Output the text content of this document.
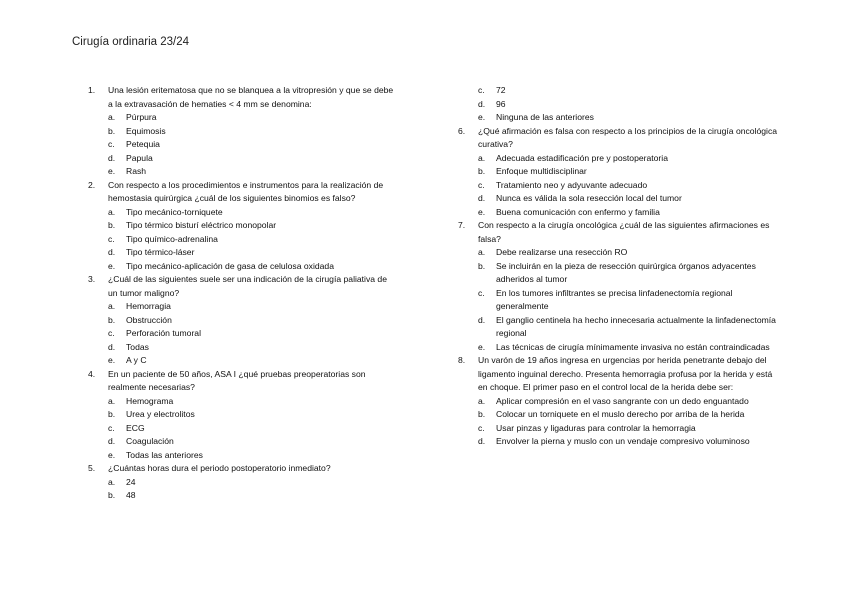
Cirugía ordinaria 23/24
1. Una lesión eritematosa que no se blanquea a la vitropresión y que se debe a la extravasación de hematies < 4 mm se denomina:
a. Púrpura
b. Equimosis
c. Petequia
d. Papula
e. Rash
2. Con respecto a los procedimientos e instrumentos para la realización de hemostasia quirúrgica ¿cuál de los siguientes binomios es falso?
a. Tipo mecánico-torniquete
b. Tipo térmico bisturí eléctrico monopolar
c. Tipo químico-adrenalina
d. Tipo térmico-láser
e. Tipo mecánico-aplicación de gasa de celulosa oxidada
3. ¿Cuál de las siguientes suele ser una indicación de la cirugía paliativa de un tumor maligno?
a. Hemorragia
b. Obstrucción
c. Perforación tumoral
d. Todas
e. A y C
4. En un paciente de 50 años, ASA I ¿qué pruebas preoperatorias son realmente necesarias?
a. Hemograma
b. Urea y electrolitos
c. ECG
d. Coagulación
e. Todas las anteriores
5. ¿Cuántas horas dura el periodo postoperatorio inmediato?
a. 24
b. 48
c. 72
d. 96
e. Ninguna de las anteriores
6. ¿Qué afirmación es falsa con respecto a los principios de la cirugía oncológica curativa?
a. Adecuada estadificación pre y postoperatoria
b. Enfoque multidisciplinar
c. Tratamiento neo y adyuvante adecuado
d. Nunca es válida la sola resección local del tumor
e. Buena comunicación con enfermo y familia
7. Con respecto a la cirugía oncológica ¿cuál de las siguientes afirmaciones es falsa?
a. Debe realizarse una resección RO
b. Se incluirán en la pieza de resección quirúrgica órganos adyacentes adheridos al tumor
c. En los tumores infiltrantes se precisa linfadenectomía regional generalmente
d. El ganglio centinela ha hecho innecesaria actualmente la linfadenectomía regional
e. Las técnicas de cirugía mínimamente invasiva no están contraindicadas
8. Un varón de 19 años ingresa en urgencias por herida penetrante debajo del ligamento inguinal derecho. Presenta hemorragia profusa por la herida y está en choque. El primer paso en el control local de la herida debe ser:
a. Aplicar compresión en el vaso sangrante con un dedo enguantado
b. Colocar un torniquete en el muslo derecho por arriba de la herida
c. Usar pinzas y ligaduras para controlar la hemorragia
d. Envolver la pierna y muslo con un vendaje compresivo voluminoso
